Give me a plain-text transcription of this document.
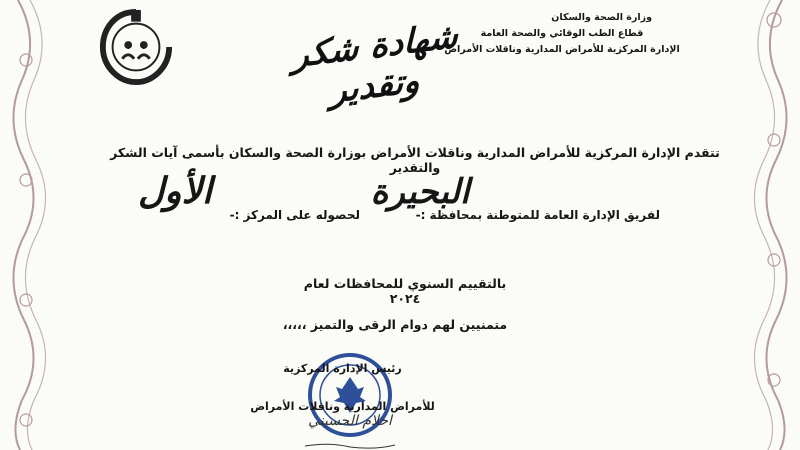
وزارة الصحة والسكان
قطاع الطب الوقائي والصحة العامة
الإدارة المركزية للأمراض المدارية وناقلات الأمراض
شهادة شكر وتقدير
تتقدم الإدارة المركزية للأمراض المدارية وناقلات الأمراض بوزارة الصحة والسكان بأسمى آيات الشكر والتقدير
البحيرة
الأول
لفريق الإدارة العامة للمتوطنة بمحافظة :-
لحصوله على المركز :-
بالتقييم السنوي للمحافظات لعام ٢٠٢٤
متمنيين لهم دوام الرقى والتميز ،،،،،
رئيس الإدارة المركزية
للأمراض المدارية وناقلات الأمراض
احلام الحسيني
